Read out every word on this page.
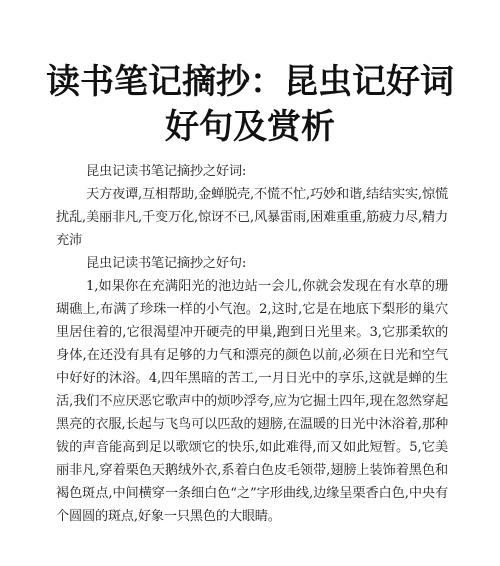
读书笔记摘抄：昆虫记好词
好句及赏析

昆虫记读书笔记摘抄之好词:

天方夜谭,互相帮助,金蝉脱壳,不慌不忙,巧妙和谐,结结实实,惊慌扰乱,美丽非凡,千变万化,惊讶不已,风暴雷雨,困难重重,筋疲力尽,精力充沛

昆虫记读书笔记摘抄之好句:

1,如果你在充满阳光的池边站一会儿,你就会发现在有水草的珊瑚礁上,布满了珍珠一样的小气泡。2,这时,它是在地底下梨形的巢穴里居住着的,它很渴望冲开硬壳的甲巢,跑到日光里来。3,它那柔软的身体,在还没有具有足够的力气和漂亮的颜色以前,必须在日光和空气中好好的沐浴。4,四年黑暗的苦工,一月日光中的享乐,这就是蝉的生活,我们不应厌恶它歌声中的烦吵浮夸,应为它掘土四年,现在忽然穿起黑亮的衣服,长起与飞鸟可以匹敌的翅膀,在温暖的日光中沐浴着,那种钹的声音能高到足以歌颂它的快乐,如此难得,而又如此短暂。5,它美丽非凡,穿着栗色天鹅绒外衣,系着白色皮毛领带,翅膀上装饰着黑色和褐色斑点,中间横穿一条细白色“之”字形曲线,边缘呈栗香白色,中央有个圆圆的斑点,好象一只黑色的大眼睛。
